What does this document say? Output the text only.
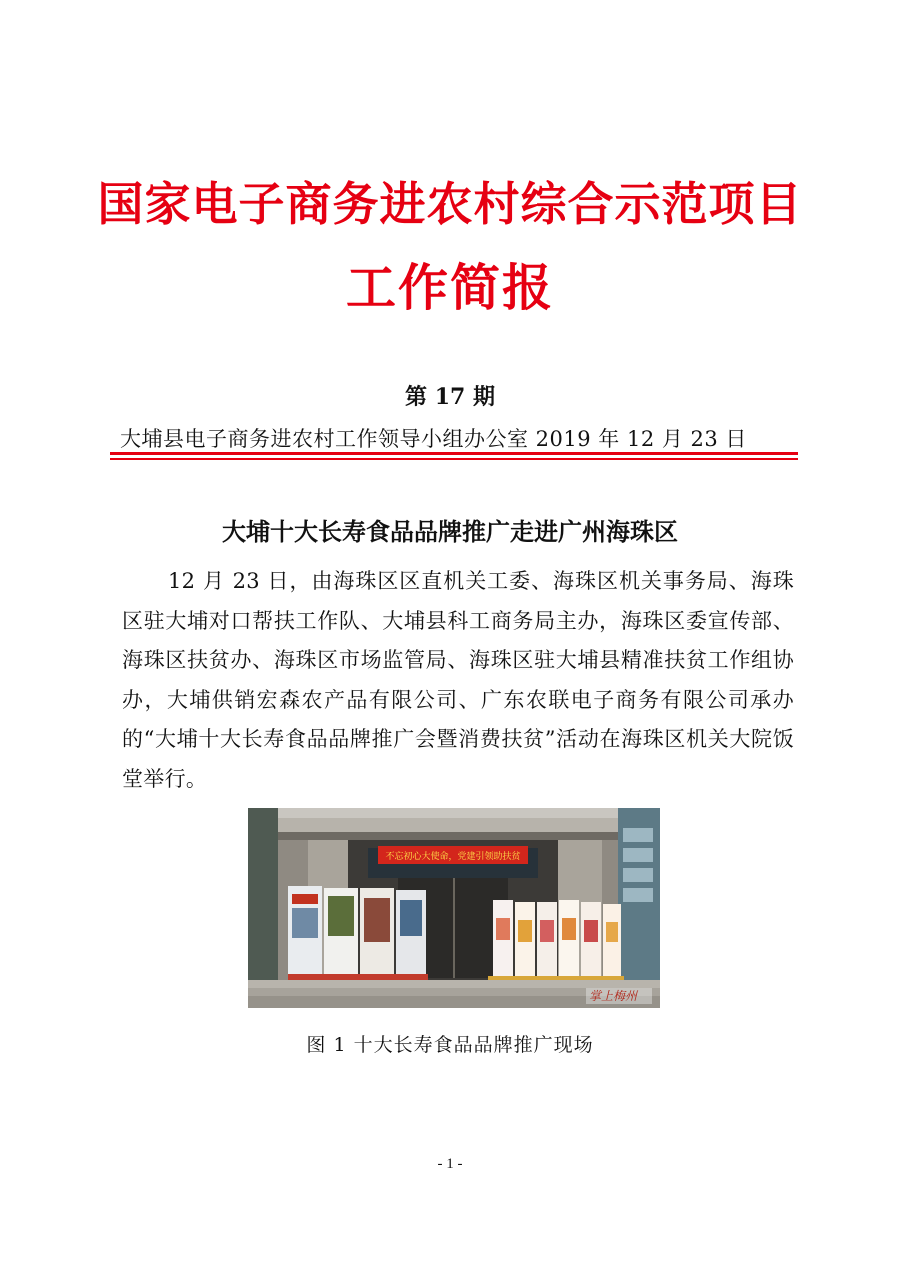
国家电子商务进农村综合示范项目
工作简报
第 17 期
大埔县电子商务进农村工作领导小组办公室 2019 年 12 月 23 日
大埔十大长寿食品品牌推广走进广州海珠区
12 月 23 日，由海珠区区直机关工委、海珠区机关事务局、海珠区驻大埔对口帮扶工作队、大埔县科工商务局主办，海珠区委宣传部、海珠区扶贫办、海珠区市场监管局、海珠区驻大埔县精准扶贫工作组协办，大埔供销宏森农产品有限公司、广东农联电子商务有限公司承办的“大埔十大长寿食品品牌推广会暨消费扶贫”活动在海珠区机关大院饭堂举行。
不忘初心大使命，党建引领助扶贫
掌上梅州
图 1 十大长寿食品品牌推广现场
- 1 -
